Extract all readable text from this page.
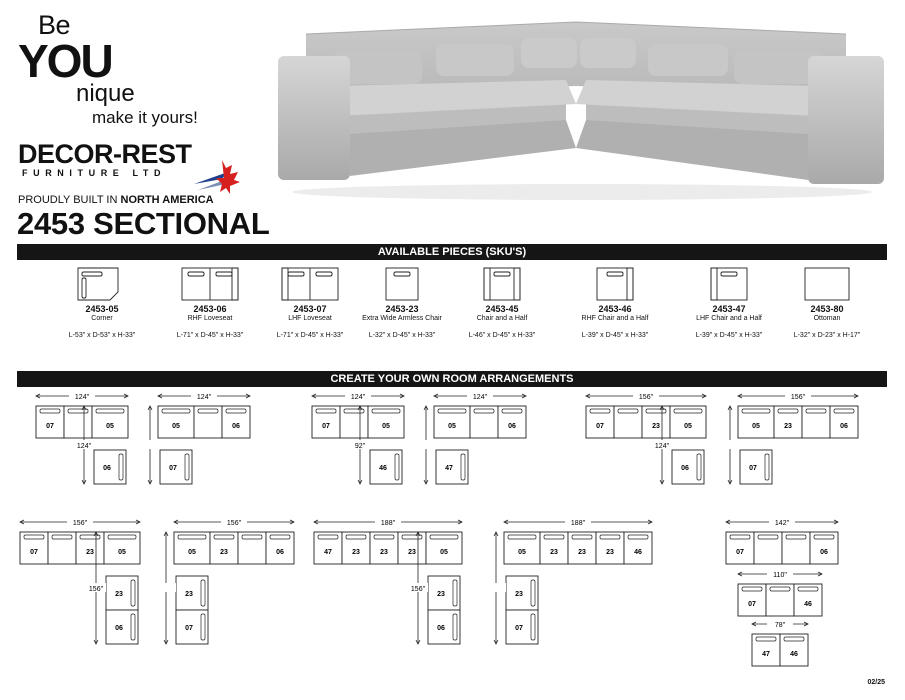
Be
YOU
nique
make it yours!
DECOR-REST
FURNITURE LTD
PROUDLY BUILT IN NORTH AMERICA
2453 SECTIONAL
AVAILABLE PIECES (SKU'S)
2453-05
Corner
L-53" x D-53" x H-33"
2453-06
RHF Loveseat
L-71" x D-45" x H-33"
2453-07
LHF Loveseat
L-71" x D-45" x H-33"
2453-23
Extra Wide Armless Chair
L-32" x D-45" x H-33"
2453-45
Chair and a Half
L-46" x D-45" x H-33"
2453-46
RHF Chair and a Half
L-39" x D-45" x H-33"
2453-47
LHF Chair and a Half
L-39" x D-45" x H-33"
2453-80
Ottoman
L-32" x D-23" x H-17"
CREATE YOUR OWN ROOM ARRANGEMENTS
07	05
06
124"
124"
05	06
07
124"
07	05
46
124"
92"
05	06
47
124"
07	23	05
06
156"
124"
05	23	06
07
156"
07	23	05
23
06
156"
156"
05	23	06
23
07
156"
47	23	23	23	05
23
06
188"
156"
05	23	23	23	46
23
07
188"
07	06
142"
07	46
110"
47	46
78"
02/25
